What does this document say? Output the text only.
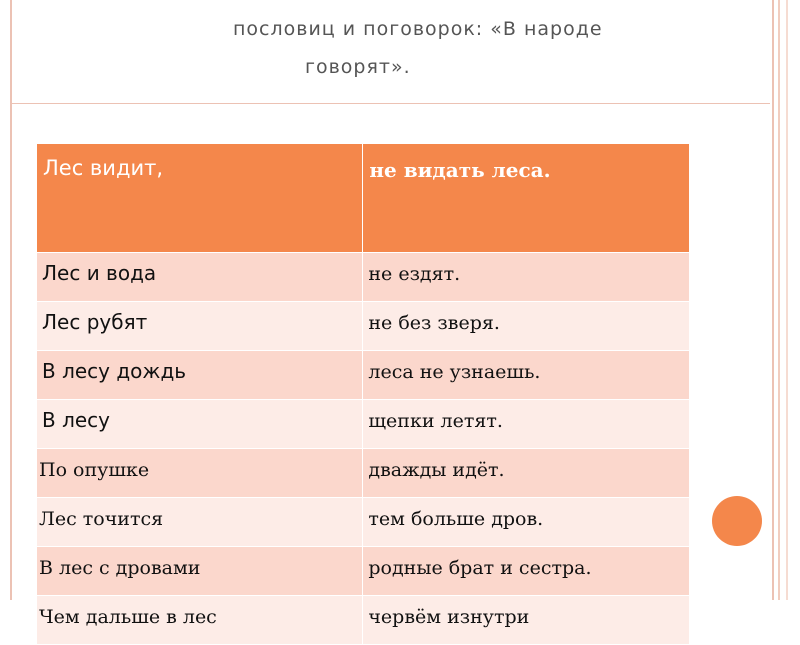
пословиц и поговорок: «В народе
говорят».
Лес видит,	не видать леса.

Лес и вода	не ездят.

Лес рубят	не без зверя.

В лесу дождь	леса не узнаешь.

В лесу	щепки летят.

По опушке	дважды идёт.

Лес точится	тем больше дров.

В лес с дровами	родные брат и сестра.

Чем дальше в лес	червём изнутри
